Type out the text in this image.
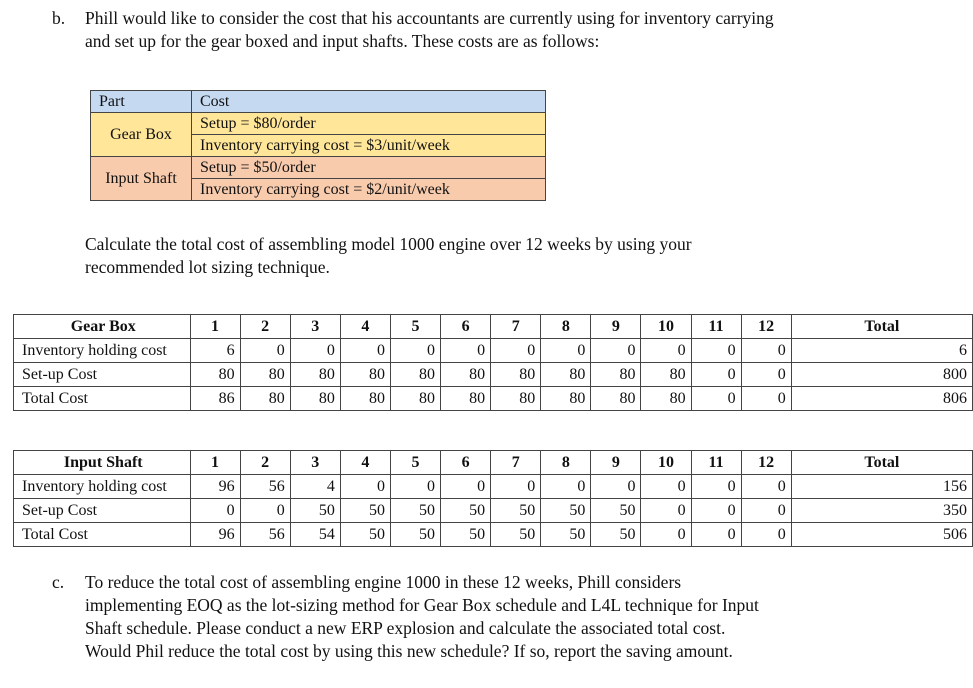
b. Phill would like to consider the cost that his accountants are currently using for inventory carrying
and set up for the gear boxed and input shafts. These costs are as follows:
Part	Cost
Gear Box	Setup = $80/order
	Inventory carrying cost = $3/unit/week
Input Shaft	Setup = $50/order
	Inventory carrying cost = $2/unit/week
Calculate the total cost of assembling model 1000 engine over 12 weeks by using your
recommended lot sizing technique.
Gear Box	1	2	3	4	5	6	7	8	9	10	11	12	Total
Inventory holding cost	6	0	0	0	0	0	0	0	0	0	0	0	6
Set-up Cost	80	80	80	80	80	80	80	80	80	80	0	0	800
Total Cost	86	80	80	80	80	80	80	80	80	80	0	0	806
Input Shaft	1	2	3	4	5	6	7	8	9	10	11	12	Total
Inventory holding cost	96	56	4	0	0	0	0	0	0	0	0	0	156
Set-up Cost	0	0	50	50	50	50	50	50	50	0	0	0	350
Total Cost	96	56	54	50	50	50	50	50	50	0	0	0	506
c. To reduce the total cost of assembling engine 1000 in these 12 weeks, Phill considers
implementing EOQ as the lot-sizing method for Gear Box schedule and L4L technique for Input
Shaft schedule. Please conduct a new ERP explosion and calculate the associated total cost.
Would Phil reduce the total cost by using this new schedule? If so, report the saving amount.
